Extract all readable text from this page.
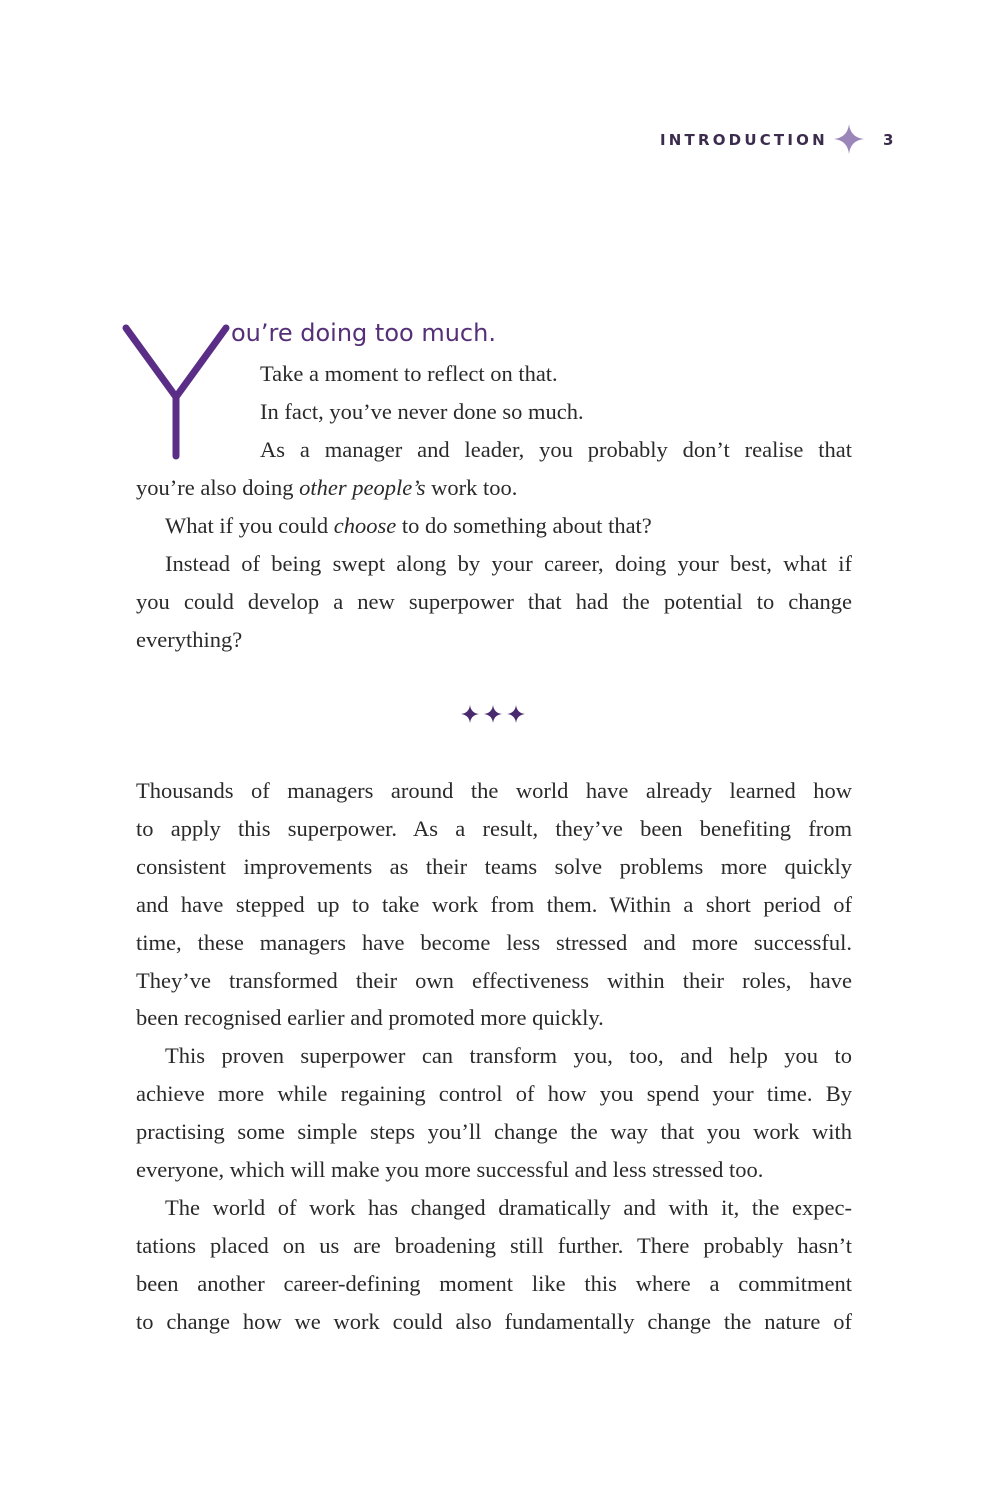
INTRODUCTION	3
ou’re doing too much.
Take a moment to reflect on that.
In fact, you’ve never done so much.
As a manager and leader, you probably don’t realise that
you’re also doing other people’s work too.
What if you could choose to do something about that?
Instead of being swept along by your career, doing your best, what if
you could develop a new superpower that had the potential to change
everything?
Thousands of managers around the world have already learned how
to apply this superpower. As a result, they’ve been benefiting from
consistent improvements as their teams solve problems more quickly
and have stepped up to take work from them. Within a short period of
time, these managers have become less stressed and more successful.
They’ve transformed their own effectiveness within their roles, have
been recognised earlier and promoted more quickly.
This proven superpower can transform you, too, and help you to
achieve more while regaining control of how you spend your time. By
practising some simple steps you’ll change the way that you work with
everyone, which will make you more successful and less stressed too.
The world of work has changed dramatically and with it, the expec-
tations placed on us are broadening still further. There probably hasn’t
been another career-defining moment like this where a commitment
to change how we work could also fundamentally change the nature of
